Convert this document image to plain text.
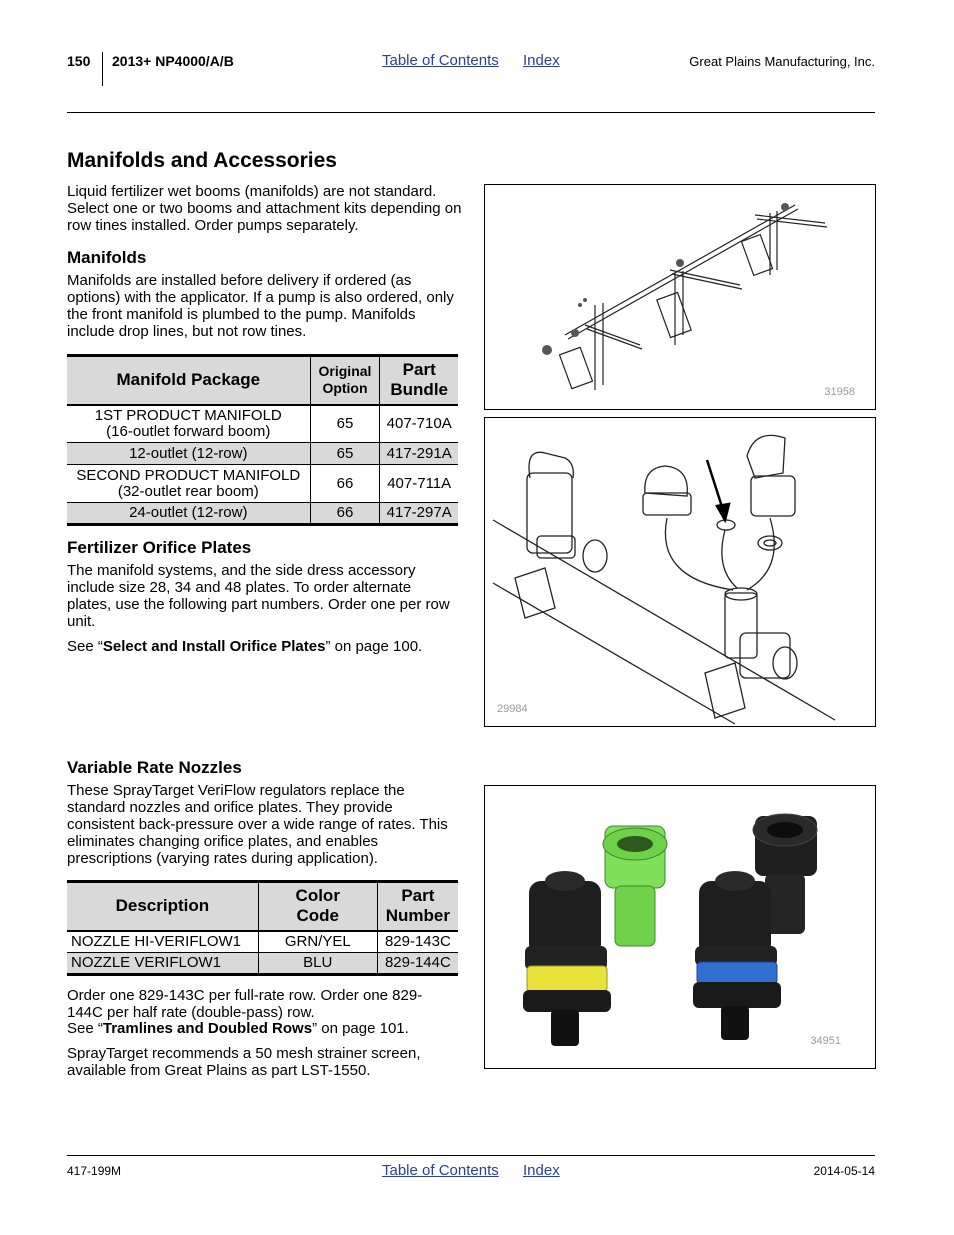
150 2013+ NP4000/A/B	Table of Contents Index	Great Plains Manufacturing, Inc.
Manifolds and Accessories
Liquid fertilizer wet booms (manifolds) are not standard. Select one or two booms and attachment kits depending on row tines installed. Order pumps separately.
Manifolds
Manifolds are installed before delivery if ordered (as options) with the applicator. If a pump is also ordered, only the front manifold is plumbed to the pump. Manifolds include drop lines, but not row tines.
Manifold Package	Original Option	Part Bundle
1ST PRODUCT MANIFOLD
(16-outlet forward boom)	65	407-710A
12-outlet (12-row)	65	417-291A
SECOND PRODUCT MANIFOLD
(32-outlet rear boom)	66	407-711A
24-outlet (12-row)	66	417-297A
Fertilizer Orifice Plates
The manifold systems, and the side dress accessory include size 28, 34 and 48 plates. To order alternate plates, use the following part numbers. Order one per row unit.
See “Select and Install Orifice Plates” on page 100.
Variable Rate Nozzles
These SprayTarget VeriFlow regulators replace the standard nozzles and orifice plates. They provide consistent back-pressure over a wide range of rates. This eliminates changing orifice plates, and enables prescriptions (varying rates during application).
Description	Color Code	Part Number
NOZZLE HI-VERIFLOW1	GRN/YEL	829-143C
NOZZLE VERIFLOW1	BLU	829-144C
Order one 829-143C per full-rate row. Order one 829-144C per half rate (double-pass) row.
See “Tramlines and Doubled Rows” on page 101.
SprayTarget recommends a 50 mesh strainer screen, available from Great Plains as part LST-1550.
31958
29984
34951
417-199M	Table of Contents Index	2014-05-14
